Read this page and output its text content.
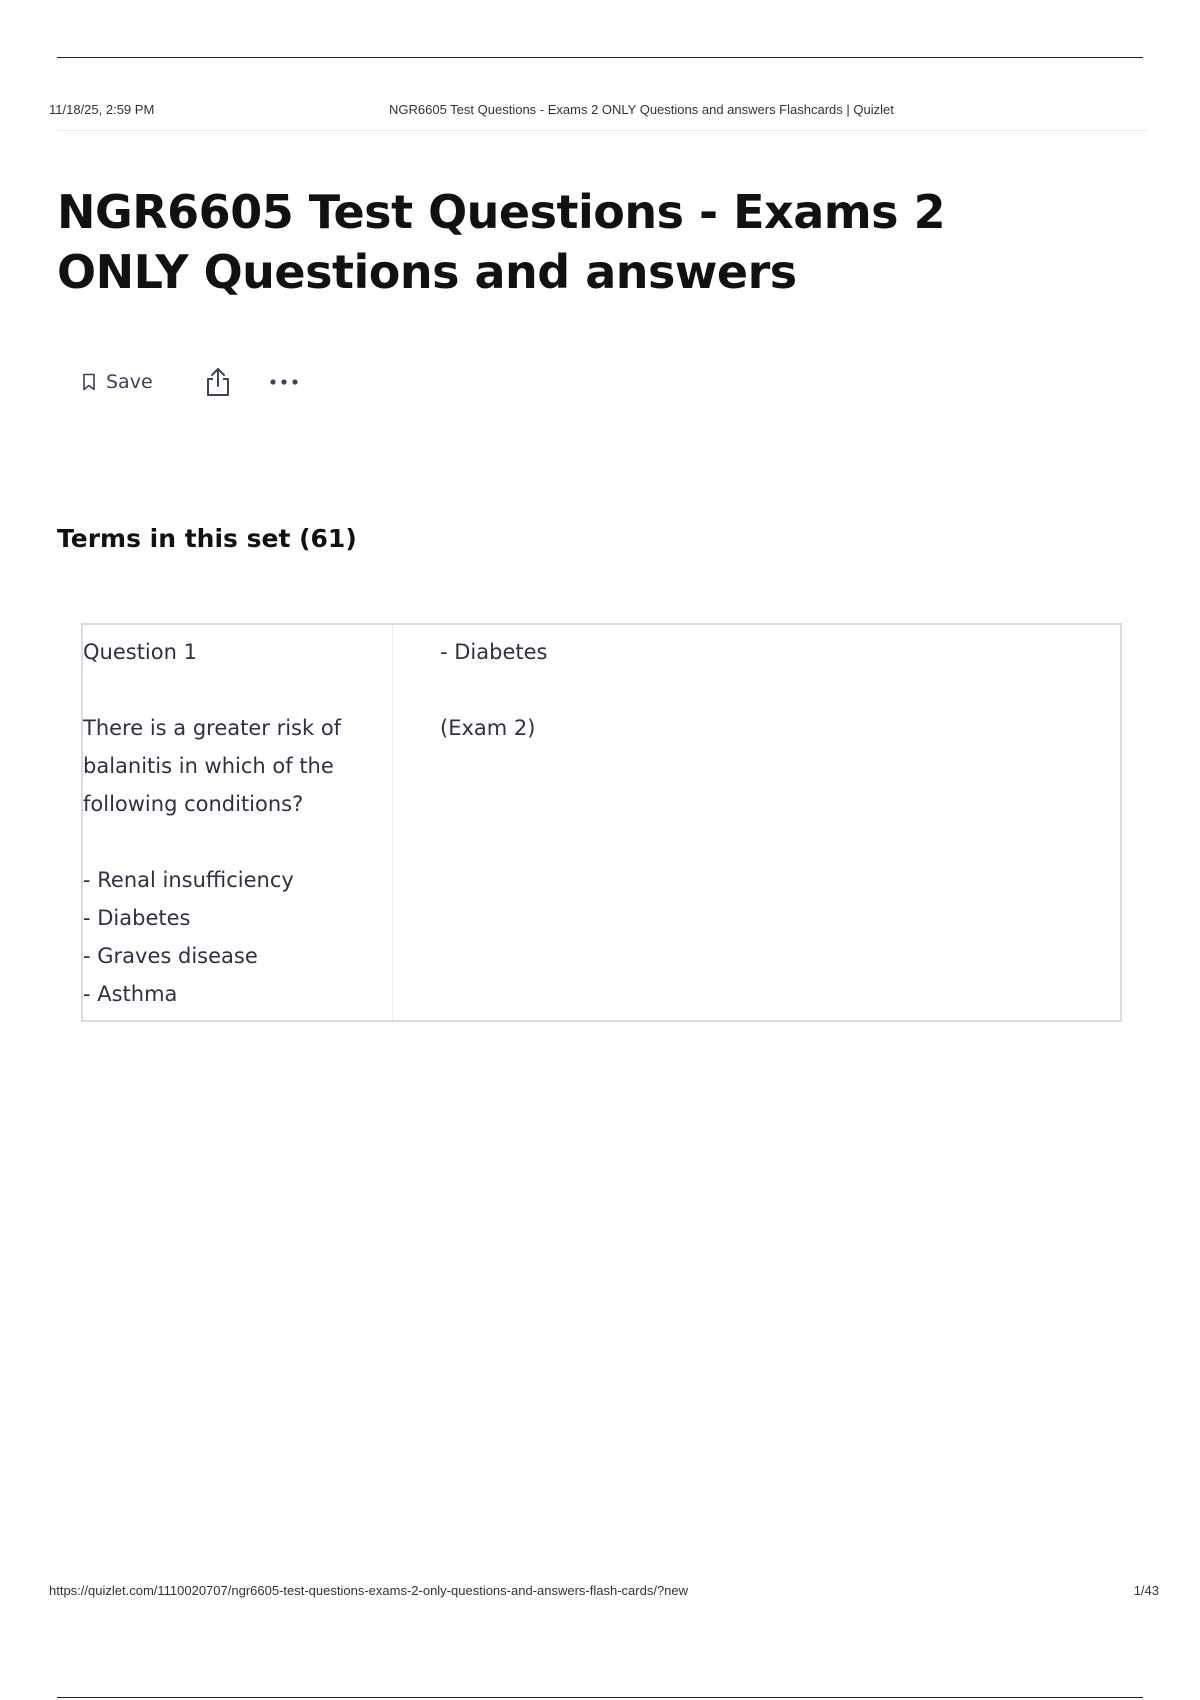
11/18/25, 2:59 PM	NGR6605 Test Questions - Exams 2 ONLY Questions and answers Flashcards | Quizlet
NGR6605 Test Questions - Exams 2 ONLY Questions and answers
Save
Terms in this set (61)
Question 1
There is a greater risk of
balanitis in which of the
following conditions?
- Renal insufficiency
- Diabetes
- Graves disease
- Asthma
- Diabetes
(Exam 2)
https://quizlet.com/1110020707/ngr6605-test-questions-exams-2-only-questions-and-answers-flash-cards/?new	1/43
